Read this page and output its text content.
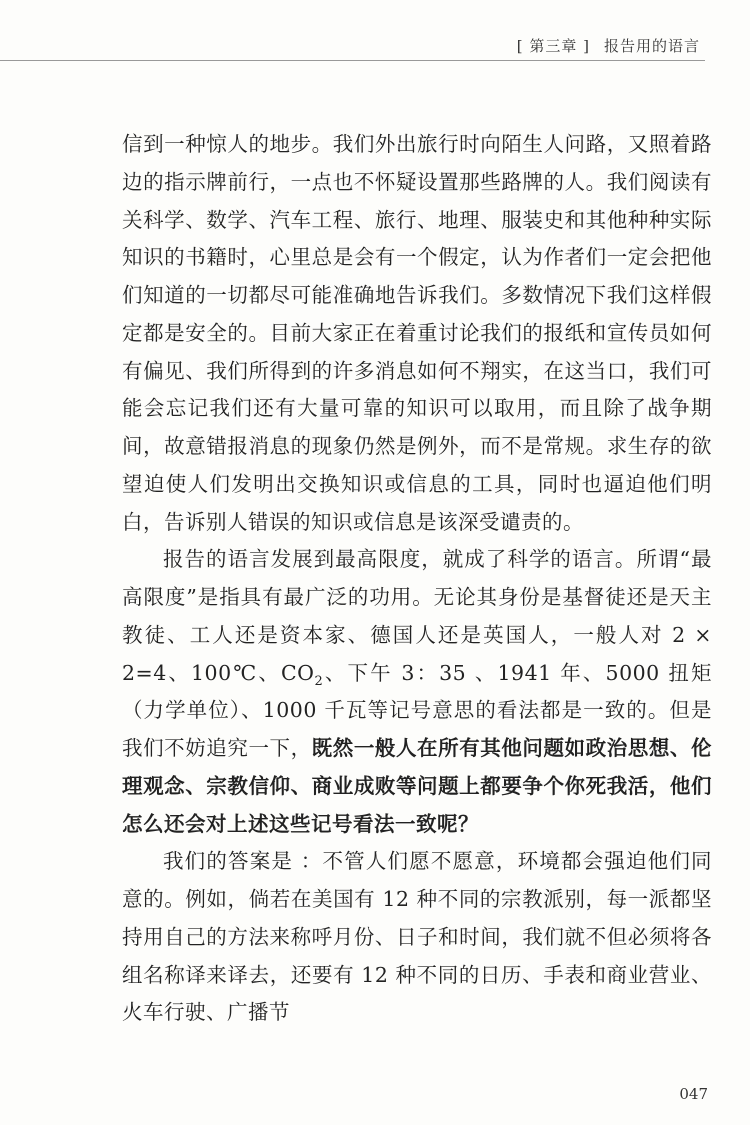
[ 第三章 ] 报告用的语言

信到一种惊人的地步。我们外出旅行时向陌生人问路，又照着路边的指示牌前行，一点也不怀疑设置那些路牌的人。我们阅读有关科学、数学、汽车工程、旅行、地理、服装史和其他种种实际知识的书籍时，心里总是会有一个假定，认为作者们一定会把他们知道的一切都尽可能准确地告诉我们。多数情况下我们这样假定都是安全的。目前大家正在着重讨论我们的报纸和宣传员如何有偏见、我们所得到的许多消息如何不翔实，在这当口，我们可能会忘记我们还有大量可靠的知识可以取用，而且除了战争期间，故意错报消息的现象仍然是例外，而不是常规。求生存的欲望迫使人们发明出交换知识或信息的工具，同时也逼迫他们明白，告诉别人错误的知识或信息是该深受谴责的。

报告的语言发展到最高限度，就成了科学的语言。所谓“最高限度”是指具有最广泛的功用。无论其身份是基督徒还是天主教徒、工人还是资本家、德国人还是英国人，一般人对 2 × 2=4、100℃、$CO_2$、下午 3：35 、1941 年、5000 扭矩（力学单位）、1000 千瓦等记号意思的看法都是一致的。但是我们不妨追究一下，既然一般人在所有其他问题如政治思想、伦理观念、宗教信仰、商业成败等问题上都要争个你死我活，他们怎么还会对上述这些记号看法一致呢？

我们的答案是 ：不管人们愿不愿意，环境都会强迫他们同意的。例如，倘若在美国有 12 种不同的宗教派别，每一派都坚持用自己的方法来称呼月份、日子和时间，我们就不但必须将各组名称译来译去，还要有 12 种不同的日历、手表和商业营业、火车行驶、广播节

047
